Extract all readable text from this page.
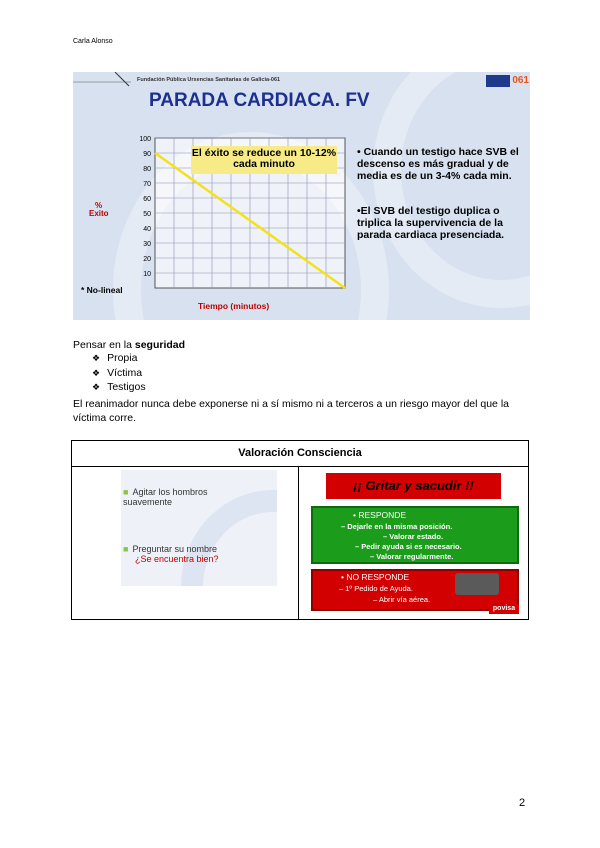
Carla Alonso
100
90
80
70
60
50
40
30
20
10
Fundación Pública Urxencias Sanitarias de Galicia-061	061
PARADA CARDIACA. FV
El éxito se reduce un 10-12% cada minuto
• Cuando un testigo hace SVB el descenso es más gradual y de media es de un 3-4% cada min.
•El SVB del testigo duplica o triplica la supervivencia de la parada cardiaca presenciada.
%
Exito
* No-lineal
Tiempo (minutos)
Pensar en la seguridad
❖ Propia
❖ Víctima
❖ Testigos
El reanimador nunca debe exponerse ni a sí mismo ni a terceros a un riesgo mayor del que la víctima corre.
Valoración Consciencia
■ Agitar los hombros suavemente
■ Preguntar su nombre
¿Se encuentra bien?
¡¡ Gritar y sacudir !!
• RESPONDE
– Dejarle en la misma posición.
– Valorar estado.
– Pedir ayuda si es necesario.
– Valorar regularmente.
• NO RESPONDE
– 1º Pedido de Ayuda.
– Abrir vía aérea.
povisa
2
